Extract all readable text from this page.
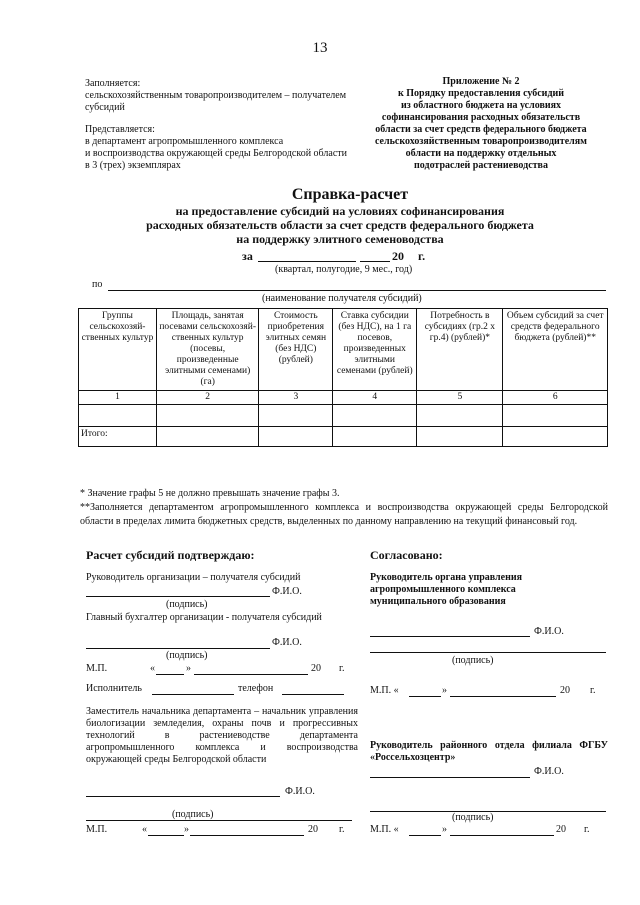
13
Заполняется:
сельскохозяйственным товаропроизводителем – получателем субсидий
Представляется:
в департамент агропромышленного комплекса
и воспроизводства окружающей среды Белгородской области
в 3 (трех) экземплярах
Приложение № 2
к Порядку предоставления субсидий
из областного бюджета на условиях
софинансирования расходных обязательств
области за счет средств федерального бюджета
сельскохозяйственным товаропроизводителям
области на поддержку отдельных
подотраслей растениеводства
Справка-расчет
на предоставление субсидий на условиях софинансирования
расходных обязательств области за счет средств федерального бюджета
на поддержку элитного семеноводства
за	20 г.
(квартал, полугодие, 9 мес., год)
по
(наименование получателя субсидий)
Группы сельскохозяй-ственных культур	Площадь, занятая посевами сельскохозяй-ственных культур (посевы, произведенные элитными семенами) (га)	Стоимость приобретения элитных семян (без НДС) (рублей)	Ставка субсидии (без НДС), на 1 га посевов, произведенных элитными семенами (рублей)	Потребность в субсидиях (гр.2 х гр.4) (рублей)*	Объем субсидий за счет средств федерального бюджета (рублей)**
1	2	3	4	5	6

Итого:					
* Значение графы 5 не должно превышать значение графы 3.
**Заполняется департаментом агропромышленного комплекса и воспроизводства окружающей среды Белгородской области в пределах лимита бюджетных средств, выделенных по данному направлению на текущий финансовый год.
Расчет субсидий подтверждаю:
Руководитель организации – получателя субсидий
Ф.И.О.
(подпись)
Главный бухгалтер организации - получателя субсидий
Ф.И.О.
(подпись)
М.П.	«	»	20 г.
Исполнитель	телефон
Заместитель начальника департамента – начальник управления биологизации земледелия, охраны почв и прогрессивных технологий в растениеводстве департамента агропромышленного комплекса и воспроизводства окружающей среды Белгородской области
Ф.И.О.
(подпись)
М.П.	«	»	20 г.
Согласовано:
Руководитель органа управления агропромышленного комплекса муниципального образования
Ф.И.О.
(подпись)
М.П. «	»	20 г.
Руководитель районного отдела филиала ФГБУ «Россельхозцентр»
Ф.И.О.
(подпись)
М.П. «	»	20 г.
